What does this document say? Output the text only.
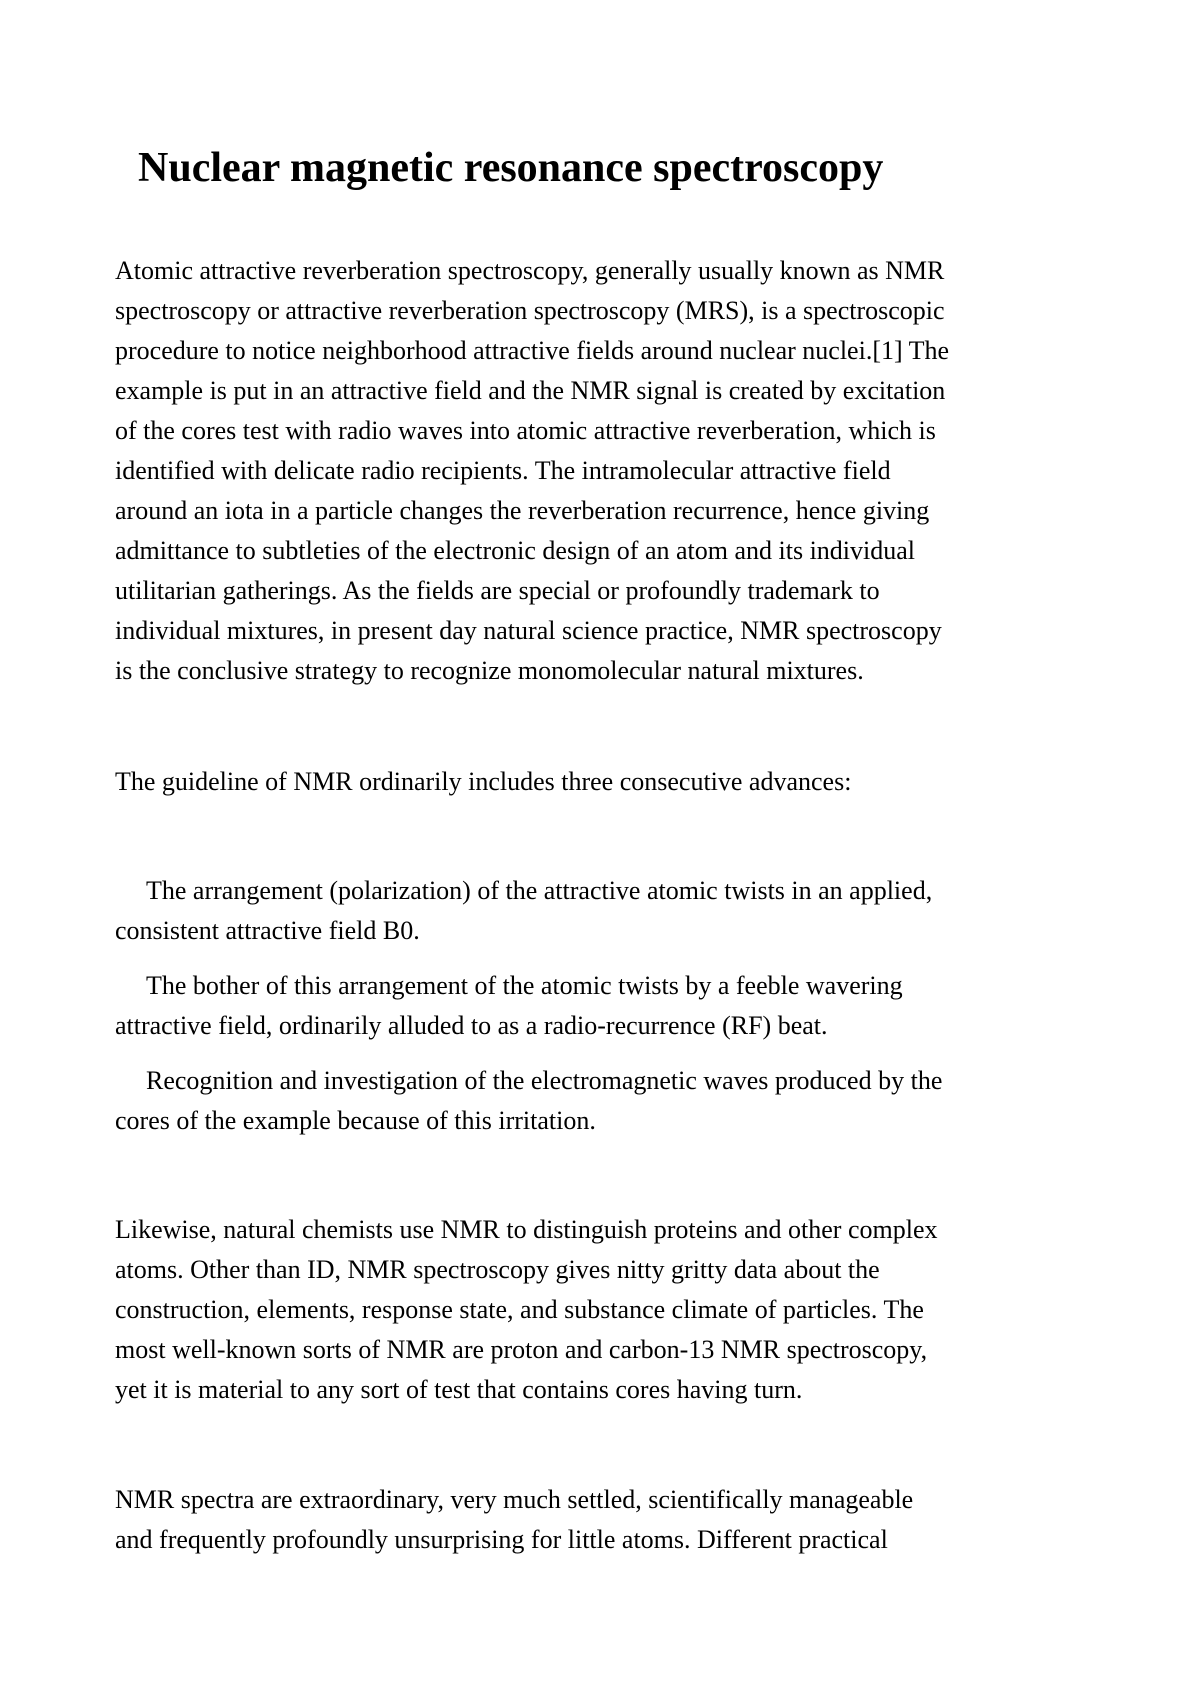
Nuclear magnetic resonance spectroscopy

Atomic attractive reverberation spectroscopy, generally usually known as NMR
spectroscopy or attractive reverberation spectroscopy (MRS), is a spectroscopic
procedure to notice neighborhood attractive fields around nuclear nuclei.[1] The
example is put in an attractive field and the NMR signal is created by excitation
of the cores test with radio waves into atomic attractive reverberation, which is
identified with delicate radio recipients. The intramolecular attractive field
around an iota in a particle changes the reverberation recurrence, hence giving
admittance to subtleties of the electronic design of an atom and its individual
utilitarian gatherings. As the fields are special or profoundly trademark to
individual mixtures, in present day natural science practice, NMR spectroscopy
is the conclusive strategy to recognize monomolecular natural mixtures.

The guideline of NMR ordinarily includes three consecutive advances:

The arrangement (polarization) of the attractive atomic twists in an applied,
consistent attractive field B0.

The bother of this arrangement of the atomic twists by a feeble wavering
attractive field, ordinarily alluded to as a radio-recurrence (RF) beat.

Recognition and investigation of the electromagnetic waves produced by the
cores of the example because of this irritation.

Likewise, natural chemists use NMR to distinguish proteins and other complex
atoms. Other than ID, NMR spectroscopy gives nitty gritty data about the
construction, elements, response state, and substance climate of particles. The
most well-known sorts of NMR are proton and carbon-13 NMR spectroscopy,
yet it is material to any sort of test that contains cores having turn.

NMR spectra are extraordinary, very much settled, scientifically manageable
and frequently profoundly unsurprising for little atoms. Different practical
